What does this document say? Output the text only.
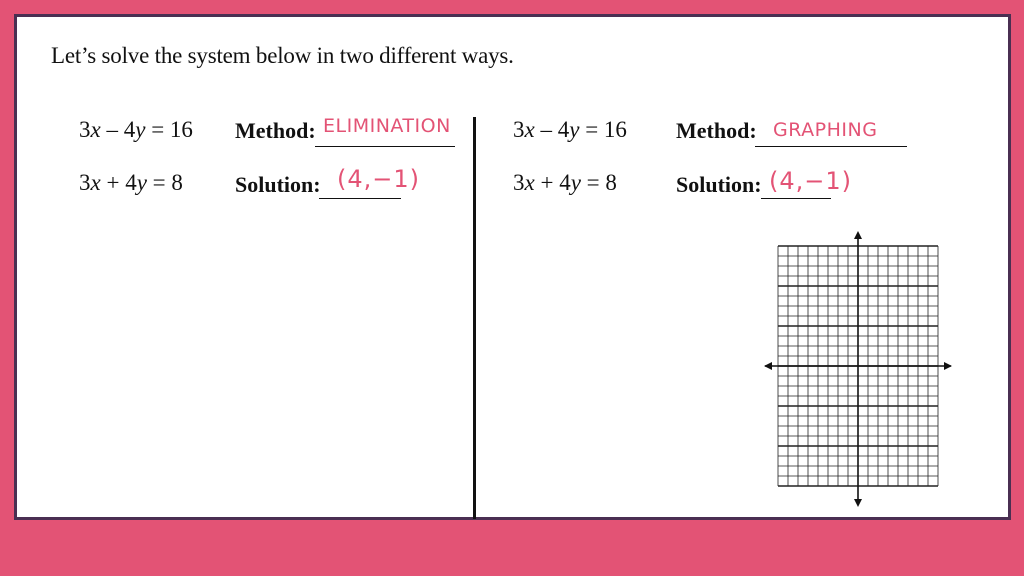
Let’s solve the system below in two different ways.
3x – 4y = 16
3x + 4y = 8
Method: ELIMINATION
Solution: (4,−1)
3x – 4y = 16
3x + 4y = 8
Method: GRAPHING
Solution: (4,−1)
